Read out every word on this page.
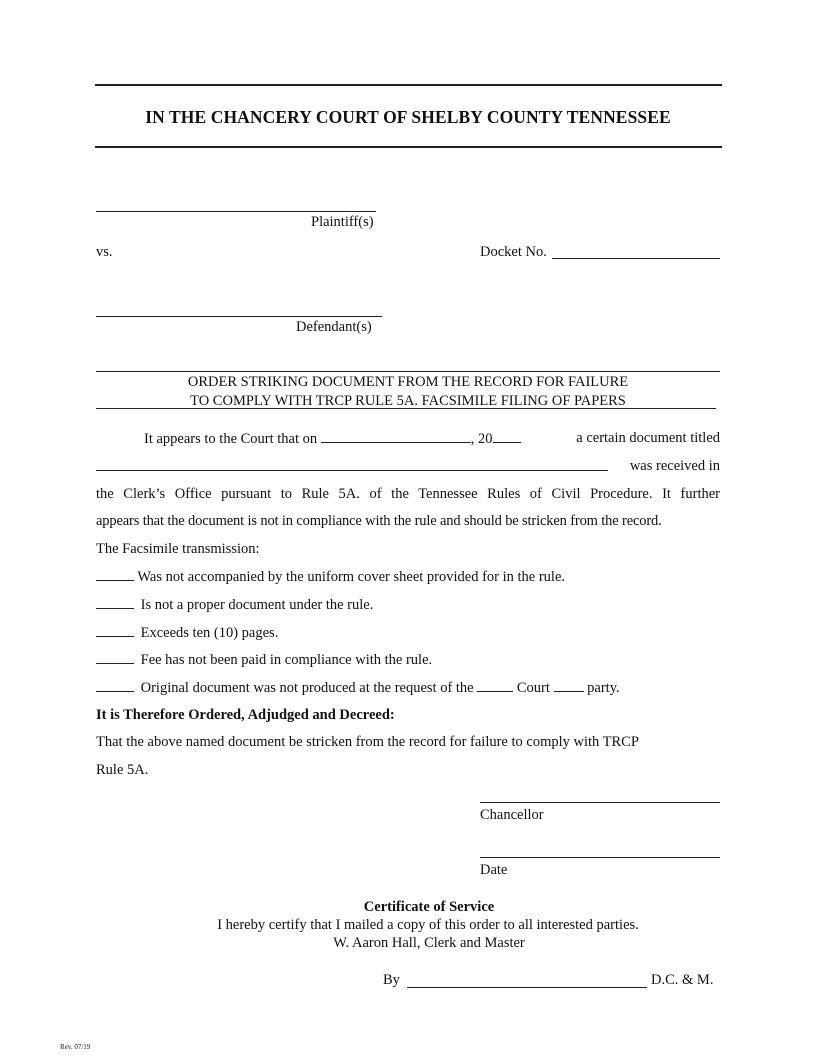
IN THE CHANCERY COURT OF SHELBY COUNTY TENNESSEE
Plaintiff(s)
vs.	Docket No.
Defendant(s)
ORDER STRIKING DOCUMENT FROM THE RECORD FOR FAILURE
TO COMPLY WITH TRCP RULE 5A. FACSIMILE FILING OF PAPERS
It appears to the Court that on	, 20	a certain document titled
was received in
the Clerk’s Office pursuant to Rule 5A. of the Tennessee Rules of Civil Procedure. It further
appears that the document is not in compliance with the rule and should be stricken from the record.
The Facsimile transmission:
Was not accompanied by the uniform cover sheet provided for in the rule.
Is not a proper document under the rule.
Exceeds ten (10) pages.
Fee has not been paid in compliance with the rule.
Original document was not produced at the request of the	Court	party.
It is Therefore Ordered, Adjudged and Decreed:
That the above named document be stricken from the record for failure to comply with TRCP
Rule 5A.
Chancellor
Date
Certificate of Service
I hereby certify that I mailed a copy of this order to all interested parties.
W. Aaron Hall, Clerk and Master
By	D.C. & M.
Rev. 07/19
